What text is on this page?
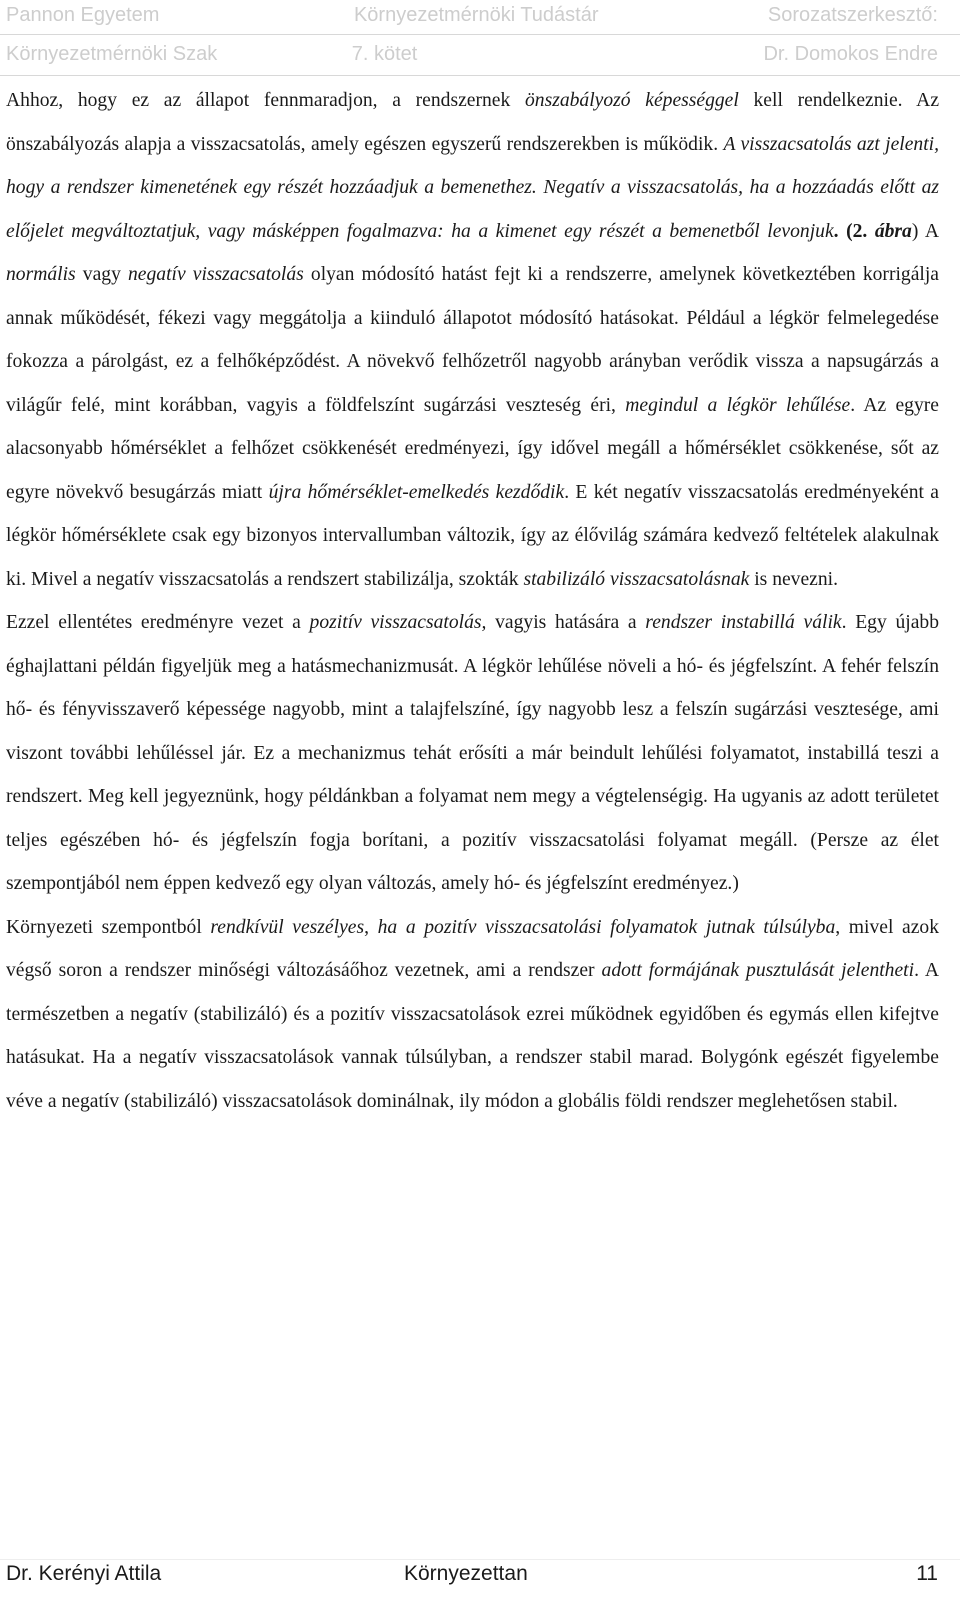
Pannon Egyetem	Környezetmérnöki Tudástár	Sorozatszerkesztő:
Környezetmérnöki Szak	7. kötet	Dr. Domokos Endre

Ahhoz, hogy ez az állapot fennmaradjon, a rendszernek önszabályozó képességgel kell rendelkeznie. Az önszabályozás alapja a visszacsatolás, amely egészen egyszerű rendszerekben is működik. A visszacsatolás azt jelenti, hogy a rendszer kimenetének egy részét hozzáadjuk a bemenethez. Negatív a visszacsatolás, ha a hozzáadás előtt az előjelet megváltoztatjuk, vagy másképpen fogalmazva: ha a kimenet egy részét a bemenetből levonjuk. (2. ábra) A normális vagy negatív visszacsatolás olyan módosító hatást fejt ki a rendszerre, amelynek következtében korrigálja annak működését, fékezi vagy meggátolja a kiinduló állapotot módosító hatásokat. Például a légkör felmelegedése fokozza a párolgást, ez a felhőképződést. A növekvő felhőzetről nagyobb arányban verődik vissza a napsugárzás a világűr felé, mint korábban, vagyis a földfelszínt sugárzási veszteség éri, megindul a légkör lehűlése. Az egyre alacsonyabb hőmérséklet a felhőzet csökkenését eredményezi, így idővel megáll a hőmérséklet csökkenése, sőt az egyre növekvő besugárzás miatt újra hőmérséklet-emelkedés kezdődik. E két negatív visszacsatolás eredményeként a légkör hőmérséklete csak egy bizonyos intervallumban változik, így az élővilág számára kedvező feltételek alakulnak ki. Mivel a negatív visszacsatolás a rendszert stabilizálja, szokták stabilizáló visszacsatolásnak is nevezni.

Ezzel ellentétes eredményre vezet a pozitív visszacsatolás, vagyis hatására a rendszer instabillá válik. Egy újabb éghajlattani példán figyeljük meg a hatásmechanizmusát. A légkör lehűlése növeli a hó- és jégfelszínt. A fehér felszín hő- és fényvisszaverő képessége nagyobb, mint a talajfelszíné, így nagyobb lesz a felszín sugárzási vesztesége, ami viszont további lehűléssel jár. Ez a mechanizmus tehát erősíti a már beindult lehűlési folyamatot, instabillá teszi a rendszert. Meg kell jegyeznünk, hogy példánkban a folyamat nem megy a végtelenségig. Ha ugyanis az adott területet teljes egészében hó- és jégfelszín fogja borítani, a pozitív visszacsatolási folyamat megáll. (Persze az élet szempontjából nem éppen kedvező egy olyan változás, amely hó- és jégfelszínt eredményez.)

Környezeti szempontból rendkívül veszélyes, ha a pozitív visszacsatolási folyamatok jutnak túlsúlyba, mivel azok végső soron a rendszer minőségi változásáőhoz vezetnek, ami a rendszer adott formájának pusztulását jelentheti. A természetben a negatív (stabilizáló) és a pozitív visszacsatolások ezrei működnek egyidőben és egymás ellen kifejtve hatásukat. Ha a negatív visszacsatolások vannak túlsúlyban, a rendszer stabil marad. Bolygónk egészét figyelembe véve a negatív (stabilizáló) visszacsatolások dominálnak, ily módon a globális földi rendszer meglehetősen stabil.

Dr. Kerényi Attila	Környezettan	11
